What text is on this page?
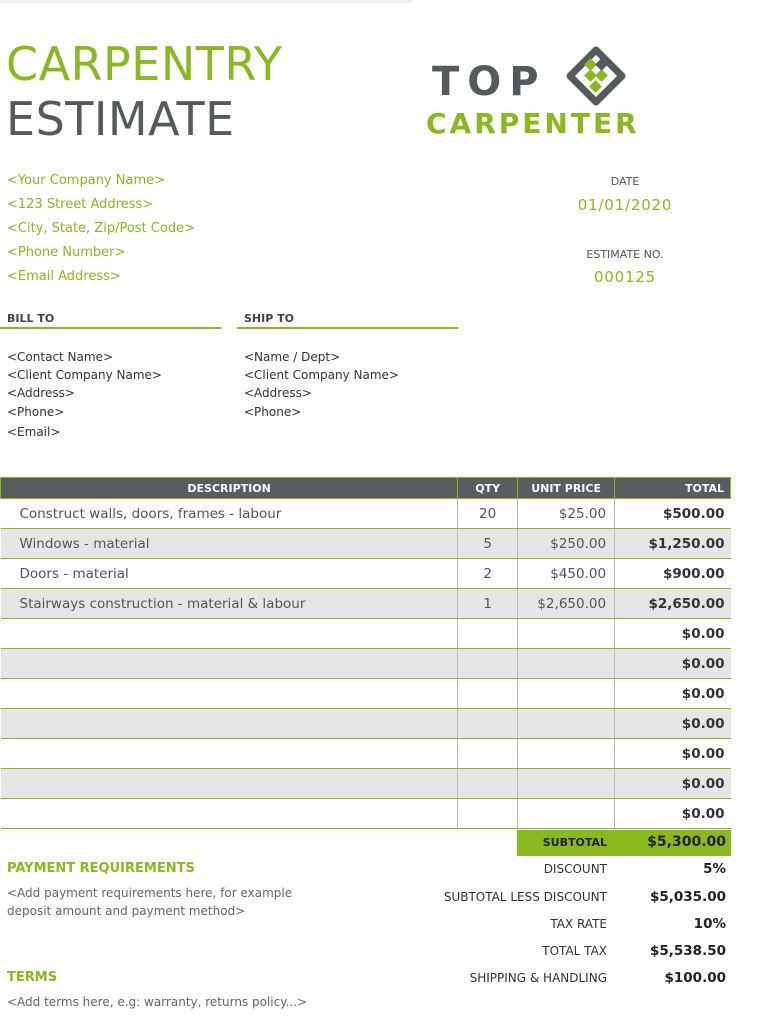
CARPENTRY
ESTIMATE
TOP
CARPENTER
<Your Company Name>
<123 Street Address>
<City, State, Zip/Post Code>
<Phone Number>
<Email Address>
DATE
01/01/2020
ESTIMATE NO.
000125
BILL TO	SHIP TO
<Contact Name>
<Client Company Name>
<Address>
<Phone>
<Email>
<Name / Dept>
<Client Company Name>
<Address>
<Phone>
DESCRIPTION	QTY	UNIT PRICE	TOTAL
Construct walls, doors, frames - labour	20	$25.00	$500.00
Windows - material	5	$250.00	$1,250.00
Doors - material	2	$450.00	$900.00
Stairways construction - material & labour	1	$2,650.00	$2,650.00
			$0.00
			$0.00
			$0.00
			$0.00
			$0.00
			$0.00
			$0.00
SUBTOTAL	$5,300.00
DISCOUNT	5%
SUBTOTAL LESS DISCOUNT	$5,035.00
TAX RATE	10%
TOTAL TAX	$5,538.50
SHIPPING & HANDLING	$100.00
PAYMENT REQUIREMENTS
<Add payment requirements here, for example deposit amount and payment method>
TERMS
<Add terms here, e.g: warranty, returns policy...>
